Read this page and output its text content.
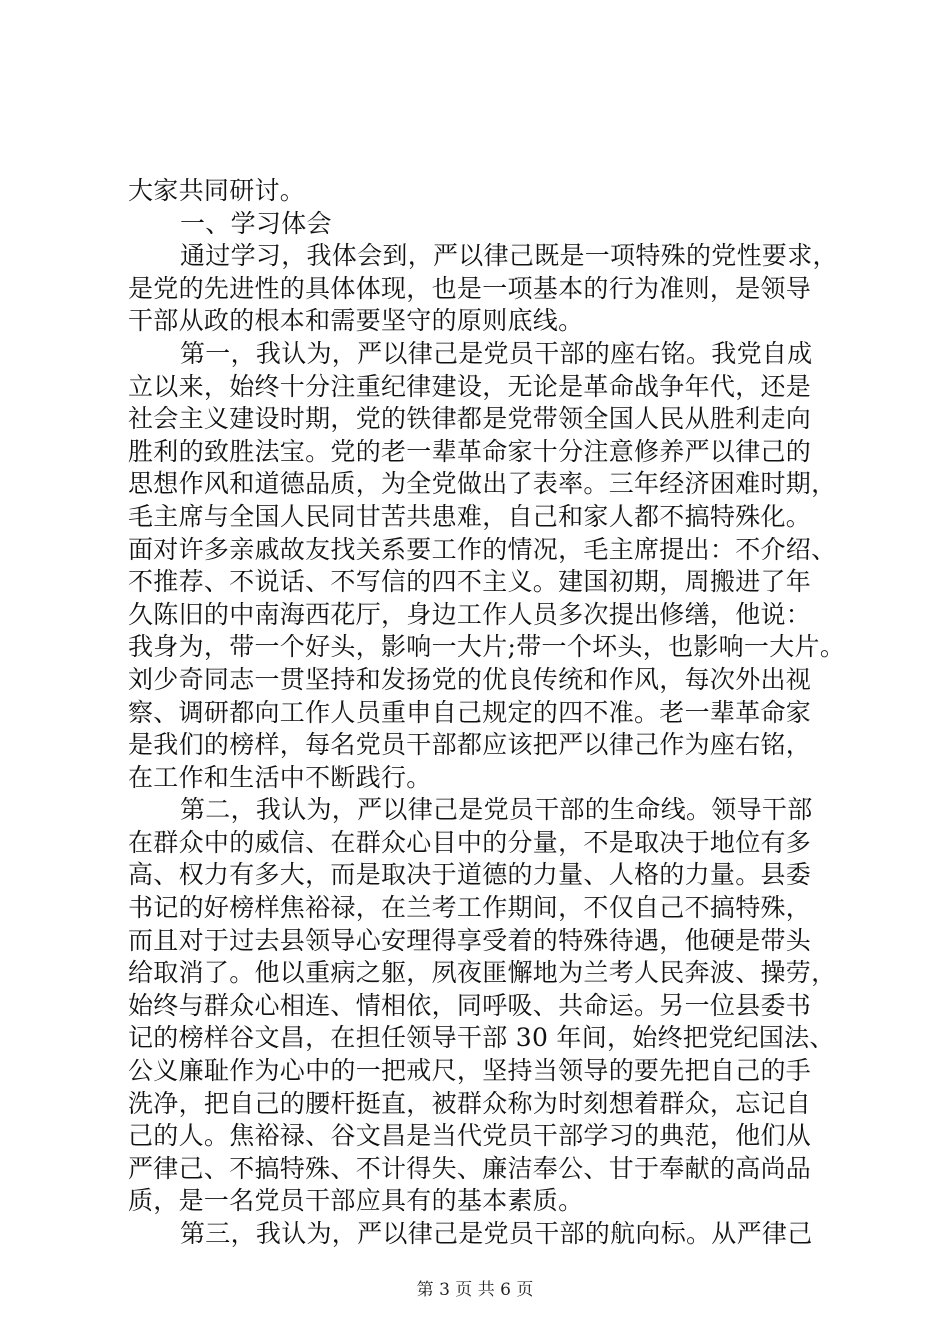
大家共同研讨。
一、学习体会
通过学习，我体会到，严以律己既是一项特殊的党性要求，
是党的先进性的具体体现，也是一项基本的行为准则，是领导
干部从政的根本和需要坚守的原则底线。
第一，我认为，严以律己是党员干部的座右铭。我党自成
立以来，始终十分注重纪律建设，无论是革命战争年代，还是
社会主义建设时期，党的铁律都是党带领全国人民从胜利走向
胜利的致胜法宝。党的老一辈革命家十分注意修养严以律己的
思想作风和道德品质，为全党做出了表率。三年经济困难时期，
毛主席与全国人民同甘苦共患难，自己和家人都不搞特殊化。
面对许多亲戚故友找关系要工作的情况，毛主席提出：不介绍、
不推荐、不说话、不写信的四不主义。建国初期，周搬进了年
久陈旧的中南海西花厅，身边工作人员多次提出修缮，他说：
我身为，带一个好头，影响一大片;带一个坏头，也影响一大片。
刘少奇同志一贯坚持和发扬党的优良传统和作风，每次外出视
察、调研都向工作人员重申自己规定的四不准。老一辈革命家
是我们的榜样，每名党员干部都应该把严以律己作为座右铭，
在工作和生活中不断践行。
第二，我认为，严以律己是党员干部的生命线。领导干部
在群众中的威信、在群众心目中的分量，不是取决于地位有多
高、权力有多大，而是取决于道德的力量、人格的力量。县委
书记的好榜样焦裕禄，在兰考工作期间，不仅自己不搞特殊，
而且对于过去县领导心安理得享受着的特殊待遇，他硬是带头
给取消了。他以重病之躯，夙夜匪懈地为兰考人民奔波、操劳，
始终与群众心相连、情相依，同呼吸、共命运。另一位县委书
记的榜样谷文昌，在担任领导干部 30 年间，始终把党纪国法、
公义廉耻作为心中的一把戒尺，坚持当领导的要先把自己的手
洗净，把自己的腰杆挺直，被群众称为时刻想着群众，忘记自
己的人。焦裕禄、谷文昌是当代党员干部学习的典范，他们从
严律己、不搞特殊、不计得失、廉洁奉公、甘于奉献的高尚品
质，是一名党员干部应具有的基本素质。
第三，我认为，严以律己是党员干部的航向标。从严律己
第 3 页 共 6 页
